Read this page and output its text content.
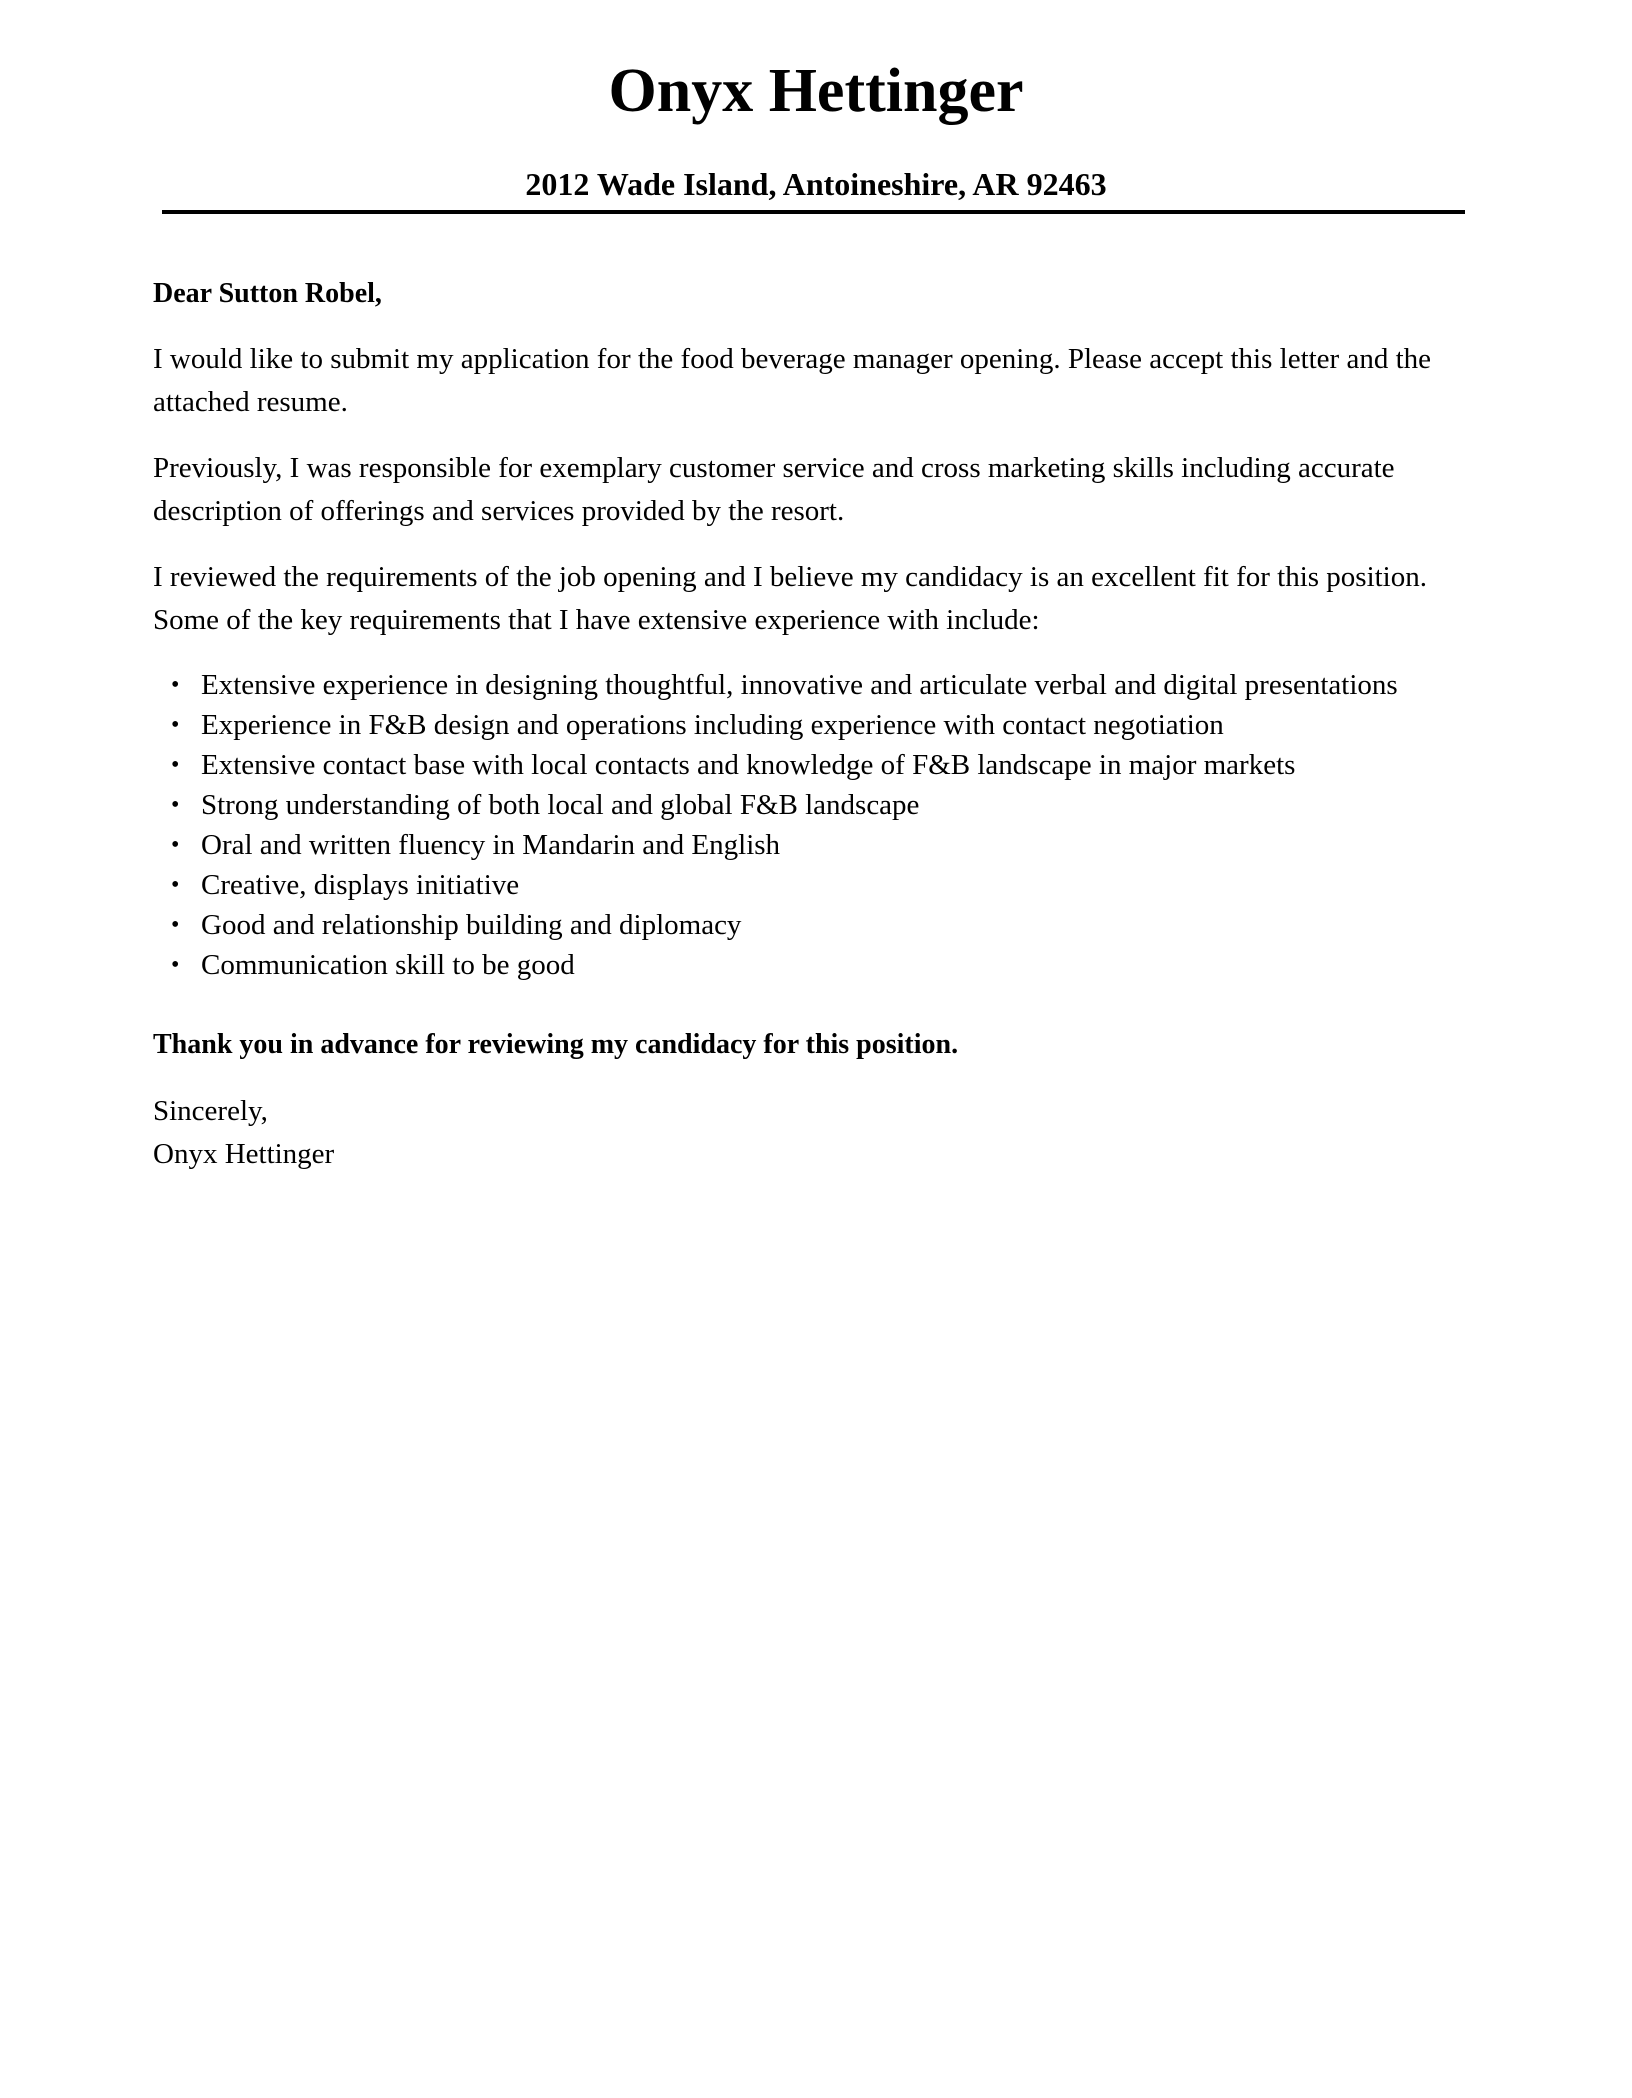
Onyx Hettinger
2012 Wade Island, Antoineshire, AR 92463

Dear Sutton Robel,

I would like to submit my application for the food beverage manager opening. Please accept this letter and the attached resume.

Previously, I was responsible for exemplary customer service and cross marketing skills including accurate description of offerings and services provided by the resort.

I reviewed the requirements of the job opening and I believe my candidacy is an excellent fit for this position. Some of the key requirements that I have extensive experience with include:

• Extensive experience in designing thoughtful, innovative and articulate verbal and digital presentations
• Experience in F&B design and operations including experience with contact negotiation
• Extensive contact base with local contacts and knowledge of F&B landscape in major markets
• Strong understanding of both local and global F&B landscape
• Oral and written fluency in Mandarin and English
• Creative, displays initiative
• Good and relationship building and diplomacy
• Communication skill to be good

Thank you in advance for reviewing my candidacy for this position.

Sincerely,
Onyx Hettinger
